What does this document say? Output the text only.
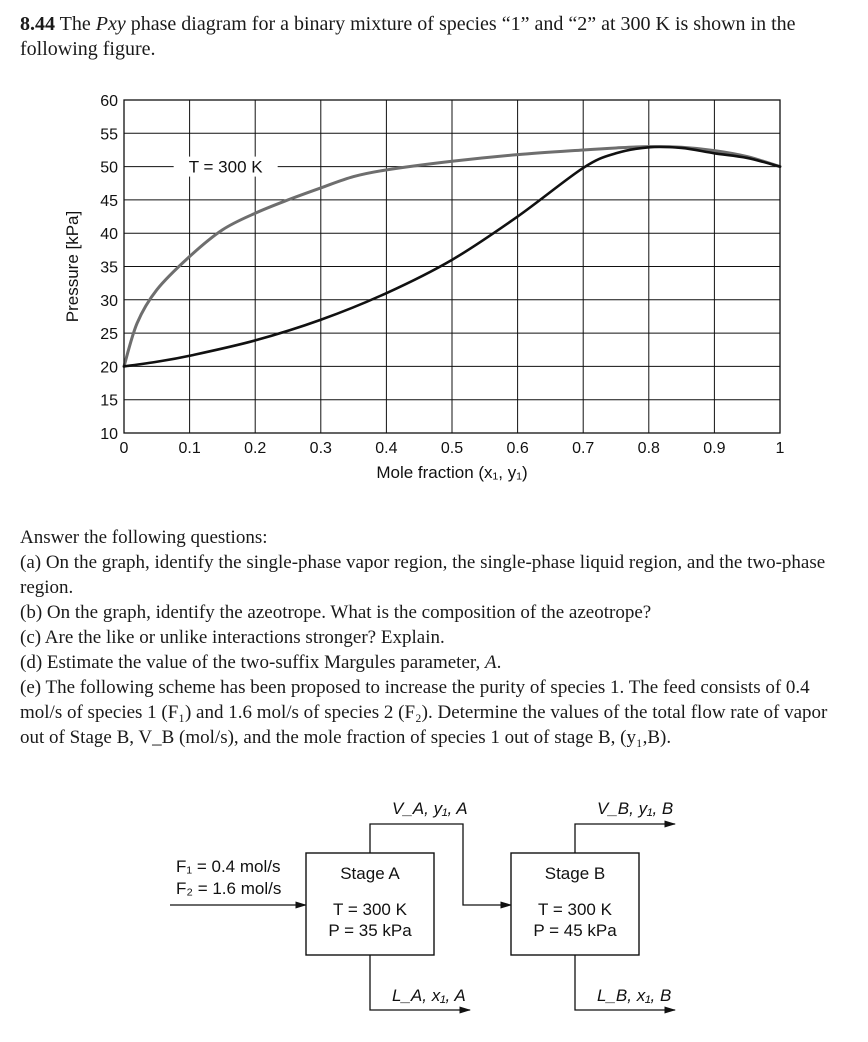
8.44 The Pxy phase diagram for a binary mixture of species “1” and “2” at 300 K is shown in the following figure.
0	0.1	0.2	0.3	0.4	0.5	0.6	0.7	0.8	0.9	1
10
15
20
25
30
35
40
45
50
55
60
T = 300 K
Pressure [kPa]
Mole fraction (x₁, y₁)

Answer the following questions:

(a) On the graph, identify the single-phase vapor region, the single-phase liquid region, and the two-phase region.

(b) On the graph, identify the azeotrope. What is the composition of the azeotrope?

(c) Are the like or unlike interactions stronger? Explain.

(d) Estimate the value of the two-suffix Margules parameter, A.

(e) The following scheme has been proposed to increase the purity of species 1. The feed consists of 0.4 mol/s of species 1 (F₁) and 1.6 mol/s of species 2 (F₂). Determine the values of the total flow rate of vapor out of Stage B, V_B (mol/s), and the mole fraction of species 1 out of stage B, (y₁,B).

F₁ = 0.4 mol/s
F₂ = 1.6 mol/s
Stage A
T = 300 K
P = 35 kPa
V_A, y₁, A
L_A, x₁, A
Stage B
T = 300 K
P = 45 kPa
V_B, y₁, B
L_B, x₁, B
